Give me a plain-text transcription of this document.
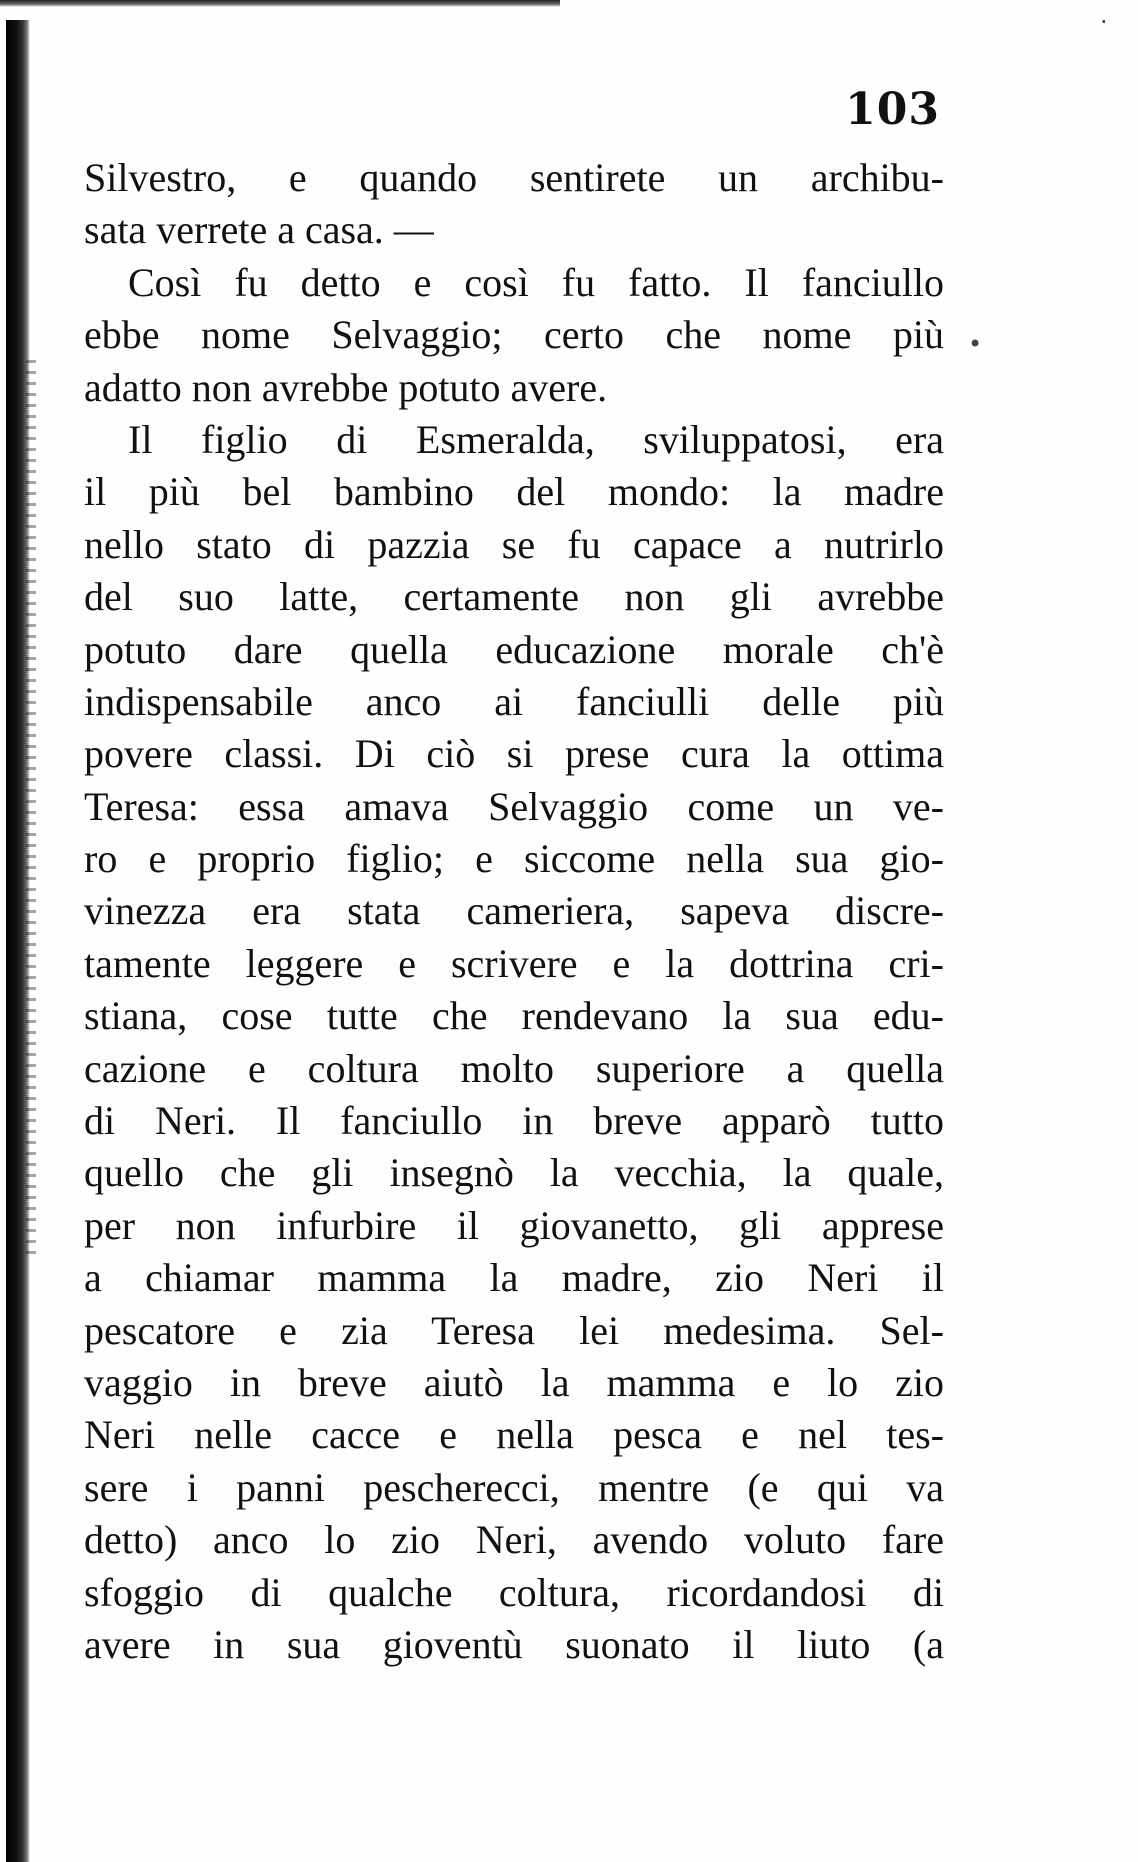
103
Silvestro, e quando sentirete un archibu-
sata verrete a casa. —
Così fu detto e così fu fatto. Il fanciullo
ebbe nome Selvaggio; certo che nome più
adatto non avrebbe potuto avere.
Il figlio di Esmeralda, sviluppatosi, era
il più bel bambino del mondo: la madre
nello stato di pazzia se fu capace a nutrirlo
del suo latte, certamente non gli avrebbe
potuto dare quella educazione morale ch'è
indispensabile anco ai fanciulli delle più
povere classi. Di ciò si prese cura la ottima
Teresa: essa amava Selvaggio come un ve-
ro e proprio figlio; e siccome nella sua gio-
vinezza era stata cameriera, sapeva discre-
tamente leggere e scrivere e la dottrina cri-
stiana, cose tutte che rendevano la sua edu-
cazione e coltura molto superiore a quella
di Neri. Il fanciullo in breve apparò tutto
quello che gli insegnò la vecchia, la quale,
per non infurbire il giovanetto, gli apprese
a chiamar mamma la madre, zio Neri il
pescatore e zia Teresa lei medesima. Sel-
vaggio in breve aiutò la mamma e lo zio
Neri nelle cacce e nella pesca e nel tes-
sere i panni pescherecci, mentre (e qui va
detto) anco lo zio Neri, avendo voluto fare
sfoggio di qualche coltura, ricordandosi di
avere in sua gioventù suonato il liuto (a
•
·
